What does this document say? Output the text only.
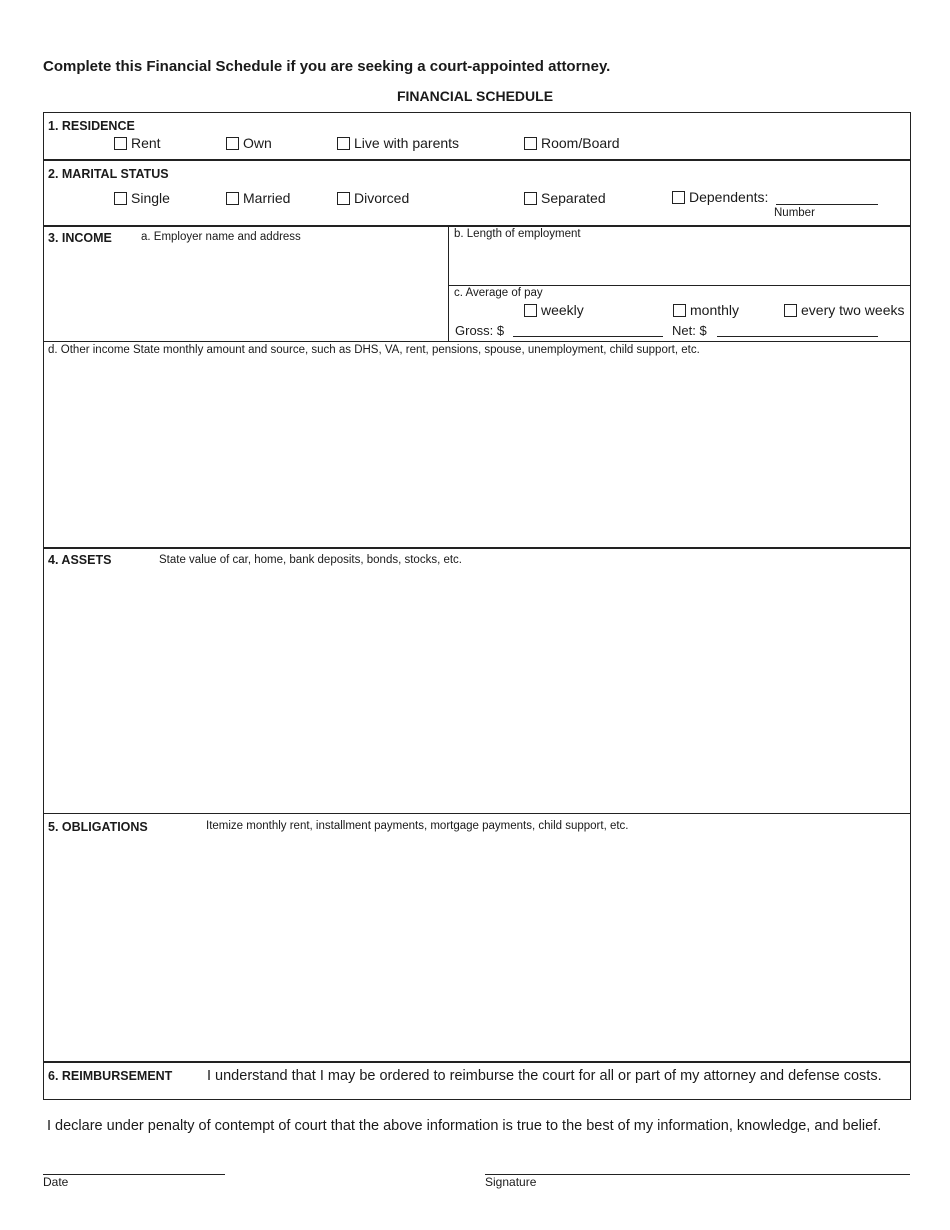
Complete this Financial Schedule if you are seeking a court-appointed attorney.
FINANCIAL SCHEDULE
1. RESIDENCE
Rent	Own	Live with parents	Room/Board
2. MARITAL STATUS
Single	Married	Divorced	Separated	Dependents:
Number
3. INCOME	a. Employer name and address	b. Length of employment
c. Average of pay
weekly	monthly	every two weeks
Gross: $	Net: $
d. Other income State monthly amount and source, such as DHS, VA, rent, pensions, spouse, unemployment, child support, etc.
4. ASSETS	State value of car, home, bank deposits, bonds, stocks, etc.
5. OBLIGATIONS	Itemize monthly rent, installment payments, mortgage payments, child support, etc.
6. REIMBURSEMENT I understand that I may be ordered to reimburse the court for all or part of my attorney and defense costs.
I declare under penalty of contempt of court that the above information is true to the best of my information, knowledge, and belief.
Date	Signature
